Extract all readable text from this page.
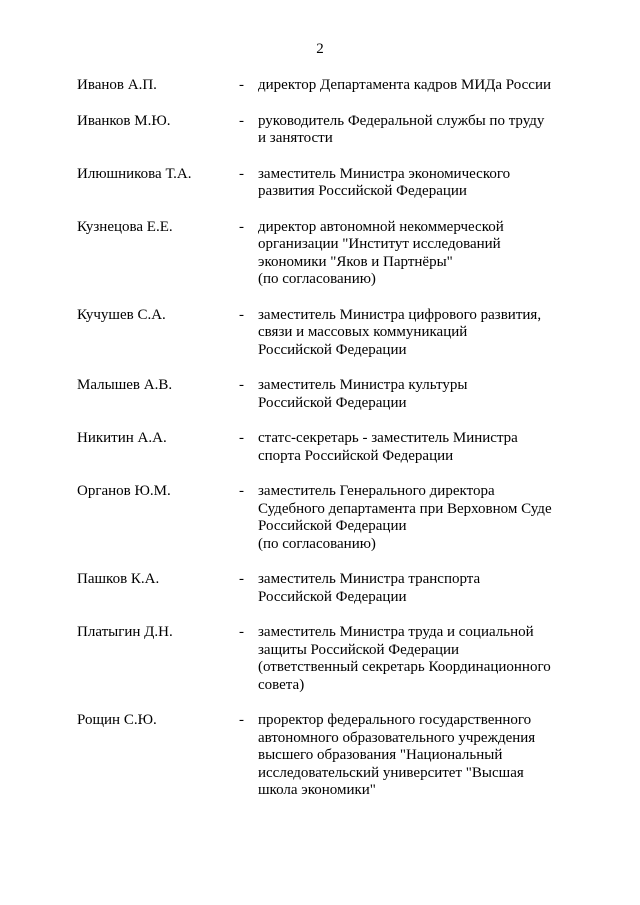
2
Иванов А.П.	- директор Департамента кадров МИДа России
Иванков М.Ю.	- руководитель Федеральной службы по труду
и занятости
Илюшникова Т.А.	- заместитель Министра экономического
развития Российской Федерации
Кузнецова Е.Е.	- директор автономной некоммерческой
организации "Институт исследований
экономики "Яков и Партнёры"
(по согласованию)
Кучушев С.А.	- заместитель Министра цифрового развития,
связи и массовых коммуникаций
Российской Федерации
Малышев А.В.	- заместитель Министра культуры
Российской Федерации
Никитин А.А.	- статс-секретарь - заместитель Министра
спорта Российской Федерации
Органов Ю.М.	- заместитель Генерального директора
Судебного департамента при Верховном Суде
Российской Федерации
(по согласованию)
Пашков К.А.	- заместитель Министра транспорта
Российской Федерации
Платыгин Д.Н.	- заместитель Министра труда и социальной
защиты Российской Федерации
(ответственный секретарь Координационного
совета)
Рощин С.Ю.	- проректор федерального государственного
автономного образовательного учреждения
высшего образования "Национальный
исследовательский университет "Высшая
школа экономики"
